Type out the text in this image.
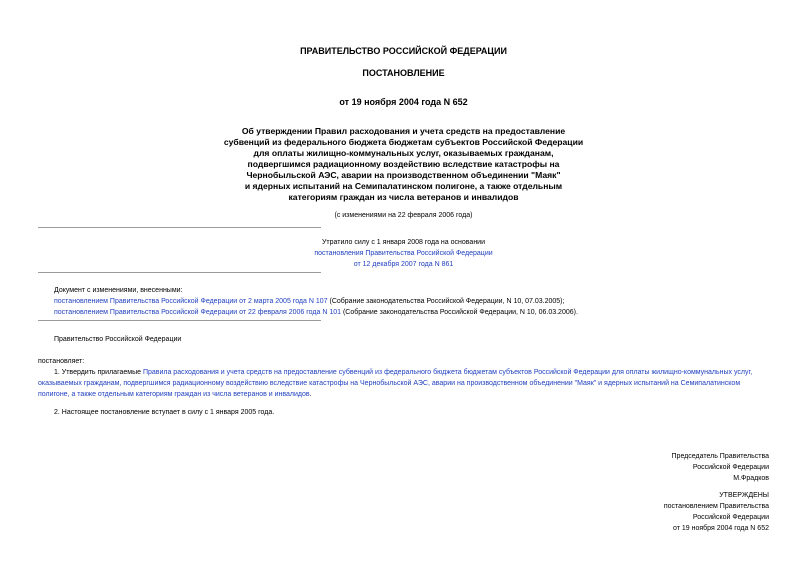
ПРАВИТЕЛЬСТВО РОССИЙСКОЙ ФЕДЕРАЦИИ
ПОСТАНОВЛЕНИЕ
от 19 ноября 2004 года N 652
Об утверждении Правил расходования и учета средств на предоставление
субвенций из федерального бюджета бюджетам субъектов Российской Федерации
для оплаты жилищно-коммунальных услуг, оказываемых гражданам,
подвергшимся радиационному воздействию вследствие катастрофы на
Чернобыльской АЭС, аварии на производственном объединении "Маяк"
и ядерных испытаний на Семипалатинском полигоне, а также отдельным
категориям граждан из числа ветеранов и инвалидов
(с изменениями на 22 февраля 2006 года)
Утратило силу с 1 января 2008 года на основании
постановления Правительства Российской Федерации
от 12 декабря 2007 года N 861
Документ с изменениями, внесенными:
постановлением Правительства Российской Федерации от 2 марта 2005 года N 107 (Собрание законодательства Российской Федерации, N 10, 07.03.2005);
постановлением Правительства Российской Федерации от 22 февраля 2006 года N 101 (Собрание законодательства Российской Федерации, N 10, 06.03.2006).
Правительство Российской Федерации
постановляет:
1. Утвердить прилагаемые Правила расходования и учета средств на предоставление субвенций из федерального бюджета бюджетам субъектов Российской Федерации для оплаты жилищно-коммунальных услуг,
оказываемых гражданам, подвергшимся радиационному воздействию вследствие катастрофы на Чернобыльской АЭС, аварии на производственном объединении "Маяк" и ядерных испытаний на Семипалатинском
полигоне, а также отдельным категориям граждан из числа ветеранов и инвалидов.
2. Настоящее постановление вступает в силу с 1 января 2005 года.
Председатель Правительства
Российской Федерации
М.Фрадков
УТВЕРЖДЕНЫ
постановлением Правительства
Российской Федерации
от 19 ноября 2004 года N 652
